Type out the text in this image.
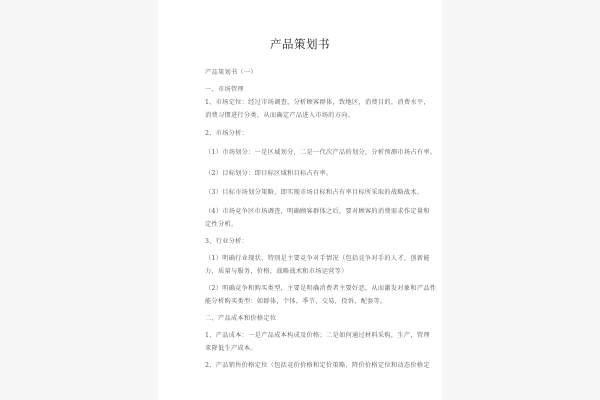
产品策划书
产品策划书（一）
一、市场管理
1、市场定位：经过市场调查，分析顾客群体，致地区，消费目的，消费水平，
消费习惯进行分类，从而确定产品进入市场的方向。
2、市场分析：
（1）市场划分：一是区域划分，二是一代次产品的划分，分析预测市场占有率。
（2）目标划分：即目标区域和目标占有率。
（3）目标市场划分策略，即实现市场目标和占有率目标所采取的战略战术。
（4）市场竞争区市场调查，明确顾客群体之后，要对顾客的消费需求作定量和
定性分析。
3、行业分析：
（1）明确行业现状，特别是主要竞争对手情况（包括竞争对手的人才，创新能
力，质量与服务，价格，战略战术和市场运营等）
（2）明确竞争和购买类型，主要是明确消费者主要好恶，从而激发对象和产品性
能分析购买类型：如群体，个体，季节，交易，投诉，配套等。
二、产品成本和价格定位
1、产品成本：一是产品成本构成及价格；二是如何通过材料采购，生产，管理
来降低生产成本。
2、产品销售价格定位（包括竞价价格和定价策略，降价价格定位和动态价格定
